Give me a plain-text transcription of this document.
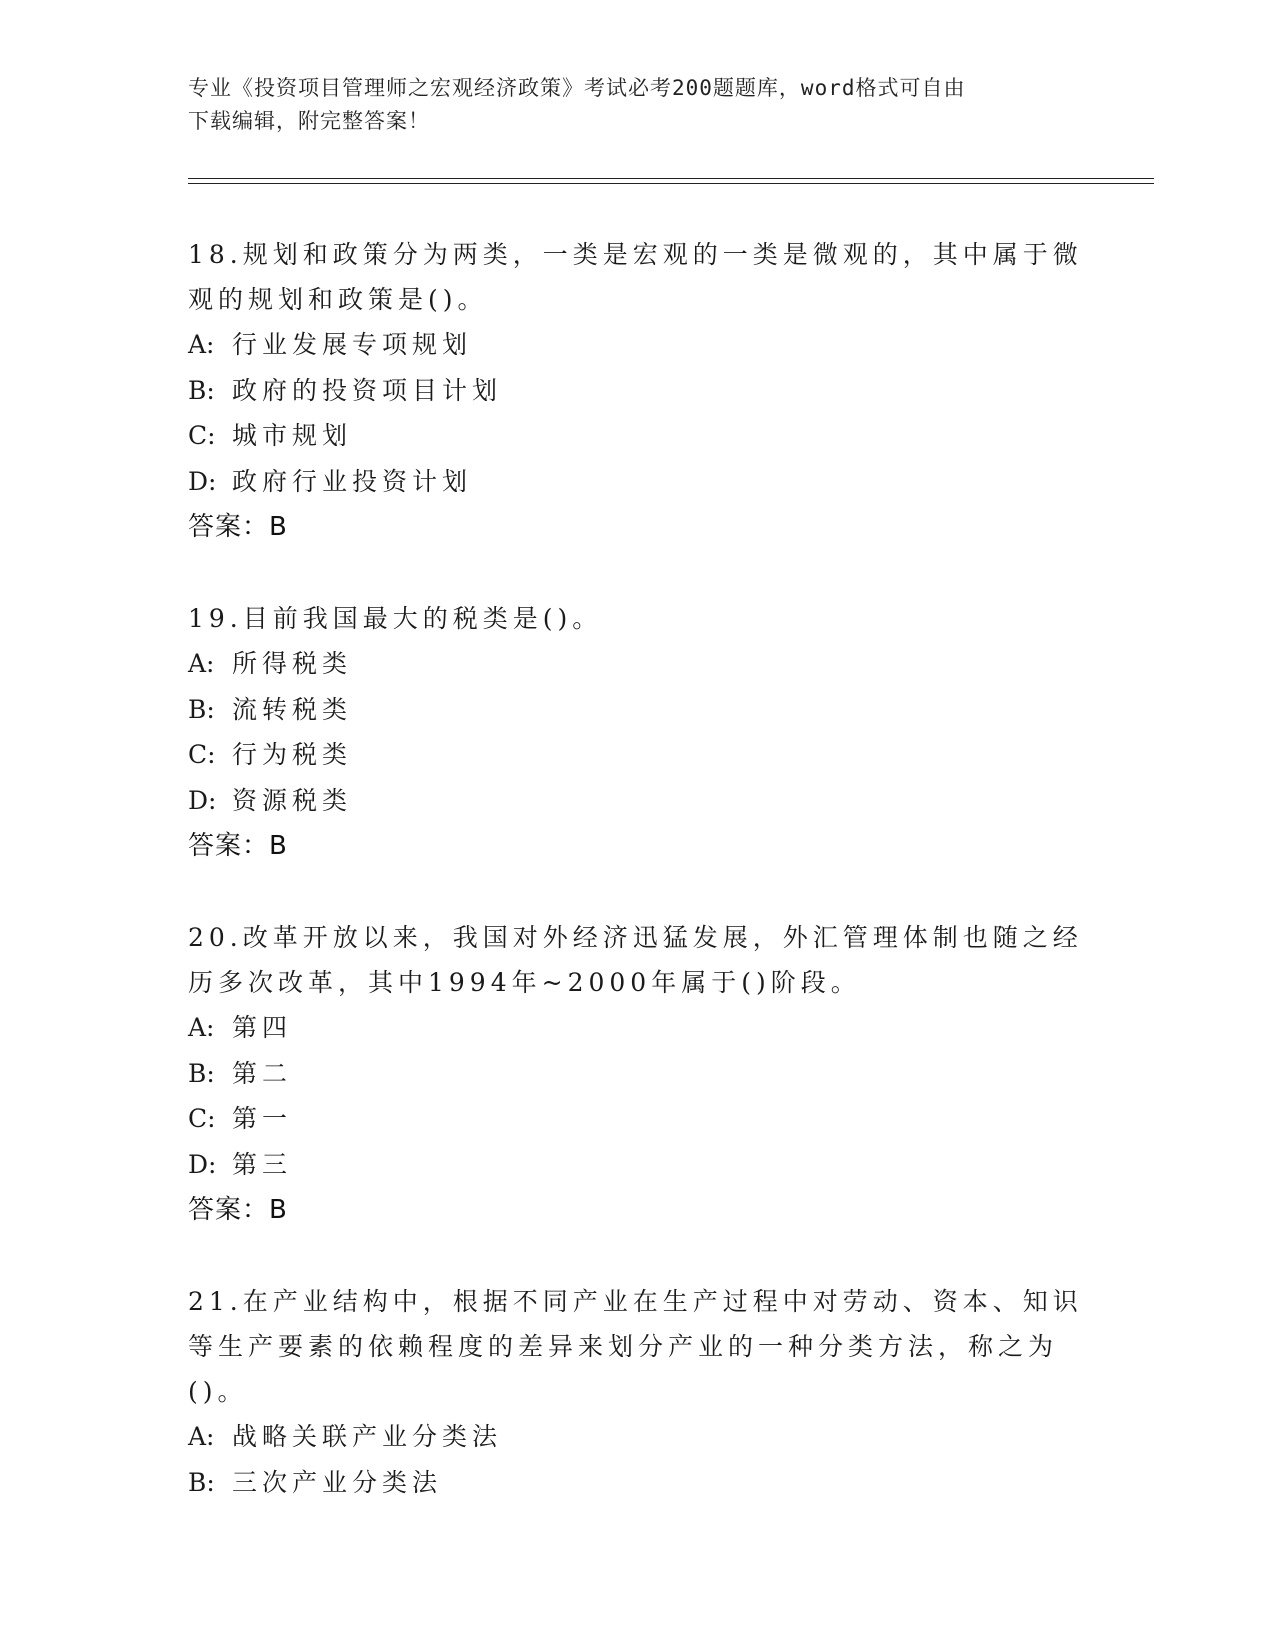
专业《投资项目管理师之宏观经济政策》考试必考200题题库，word格式可自由
下载编辑，附完整答案！

18.规划和政策分为两类，一类是宏观的一类是微观的，其中属于微观的规划和政策是()。

A: 行业发展专项规划

B: 政府的投资项目计划

C: 城市规划

D: 政府行业投资计划

答案：B

19.目前我国最大的税类是()。

A: 所得税类

B: 流转税类

C: 行为税类

D: 资源税类

答案：B

20.改革开放以来，我国对外经济迅猛发展，外汇管理体制也随之经历多次改革，其中1994年~2000年属于()阶段。

A: 第四

B: 第二

C: 第一

D: 第三

答案：B

21.在产业结构中，根据不同产业在生产过程中对劳动、资本、知识等生产要素的依赖程度的差异来划分产业的一种分类方法，称之为()。

A: 战略关联产业分类法

B: 三次产业分类法
